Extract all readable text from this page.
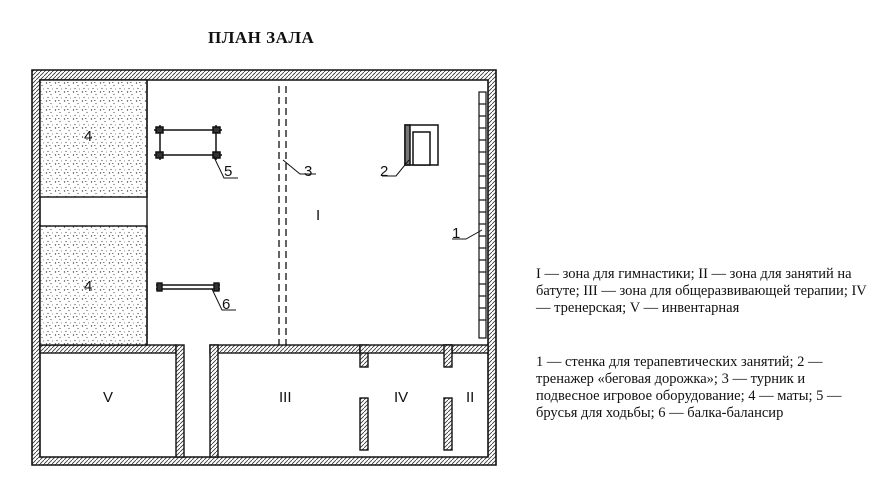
ПЛАН ЗАЛА
4
4
5
6
3	2
1
I
V	III	IV	II
I — зона для гимнастики; II — зона для занятий на батуте; III — зона для общеразвивающей терапии; IV — тренерская; V — инвентарная
1 — стенка для терапевтических занятий; 2 — тренажер «беговая дорожка»; 3 — турник и подвесное игровое оборудование; 4 — маты; 5 — брусья для ходьбы; 6 — балка-балансир
